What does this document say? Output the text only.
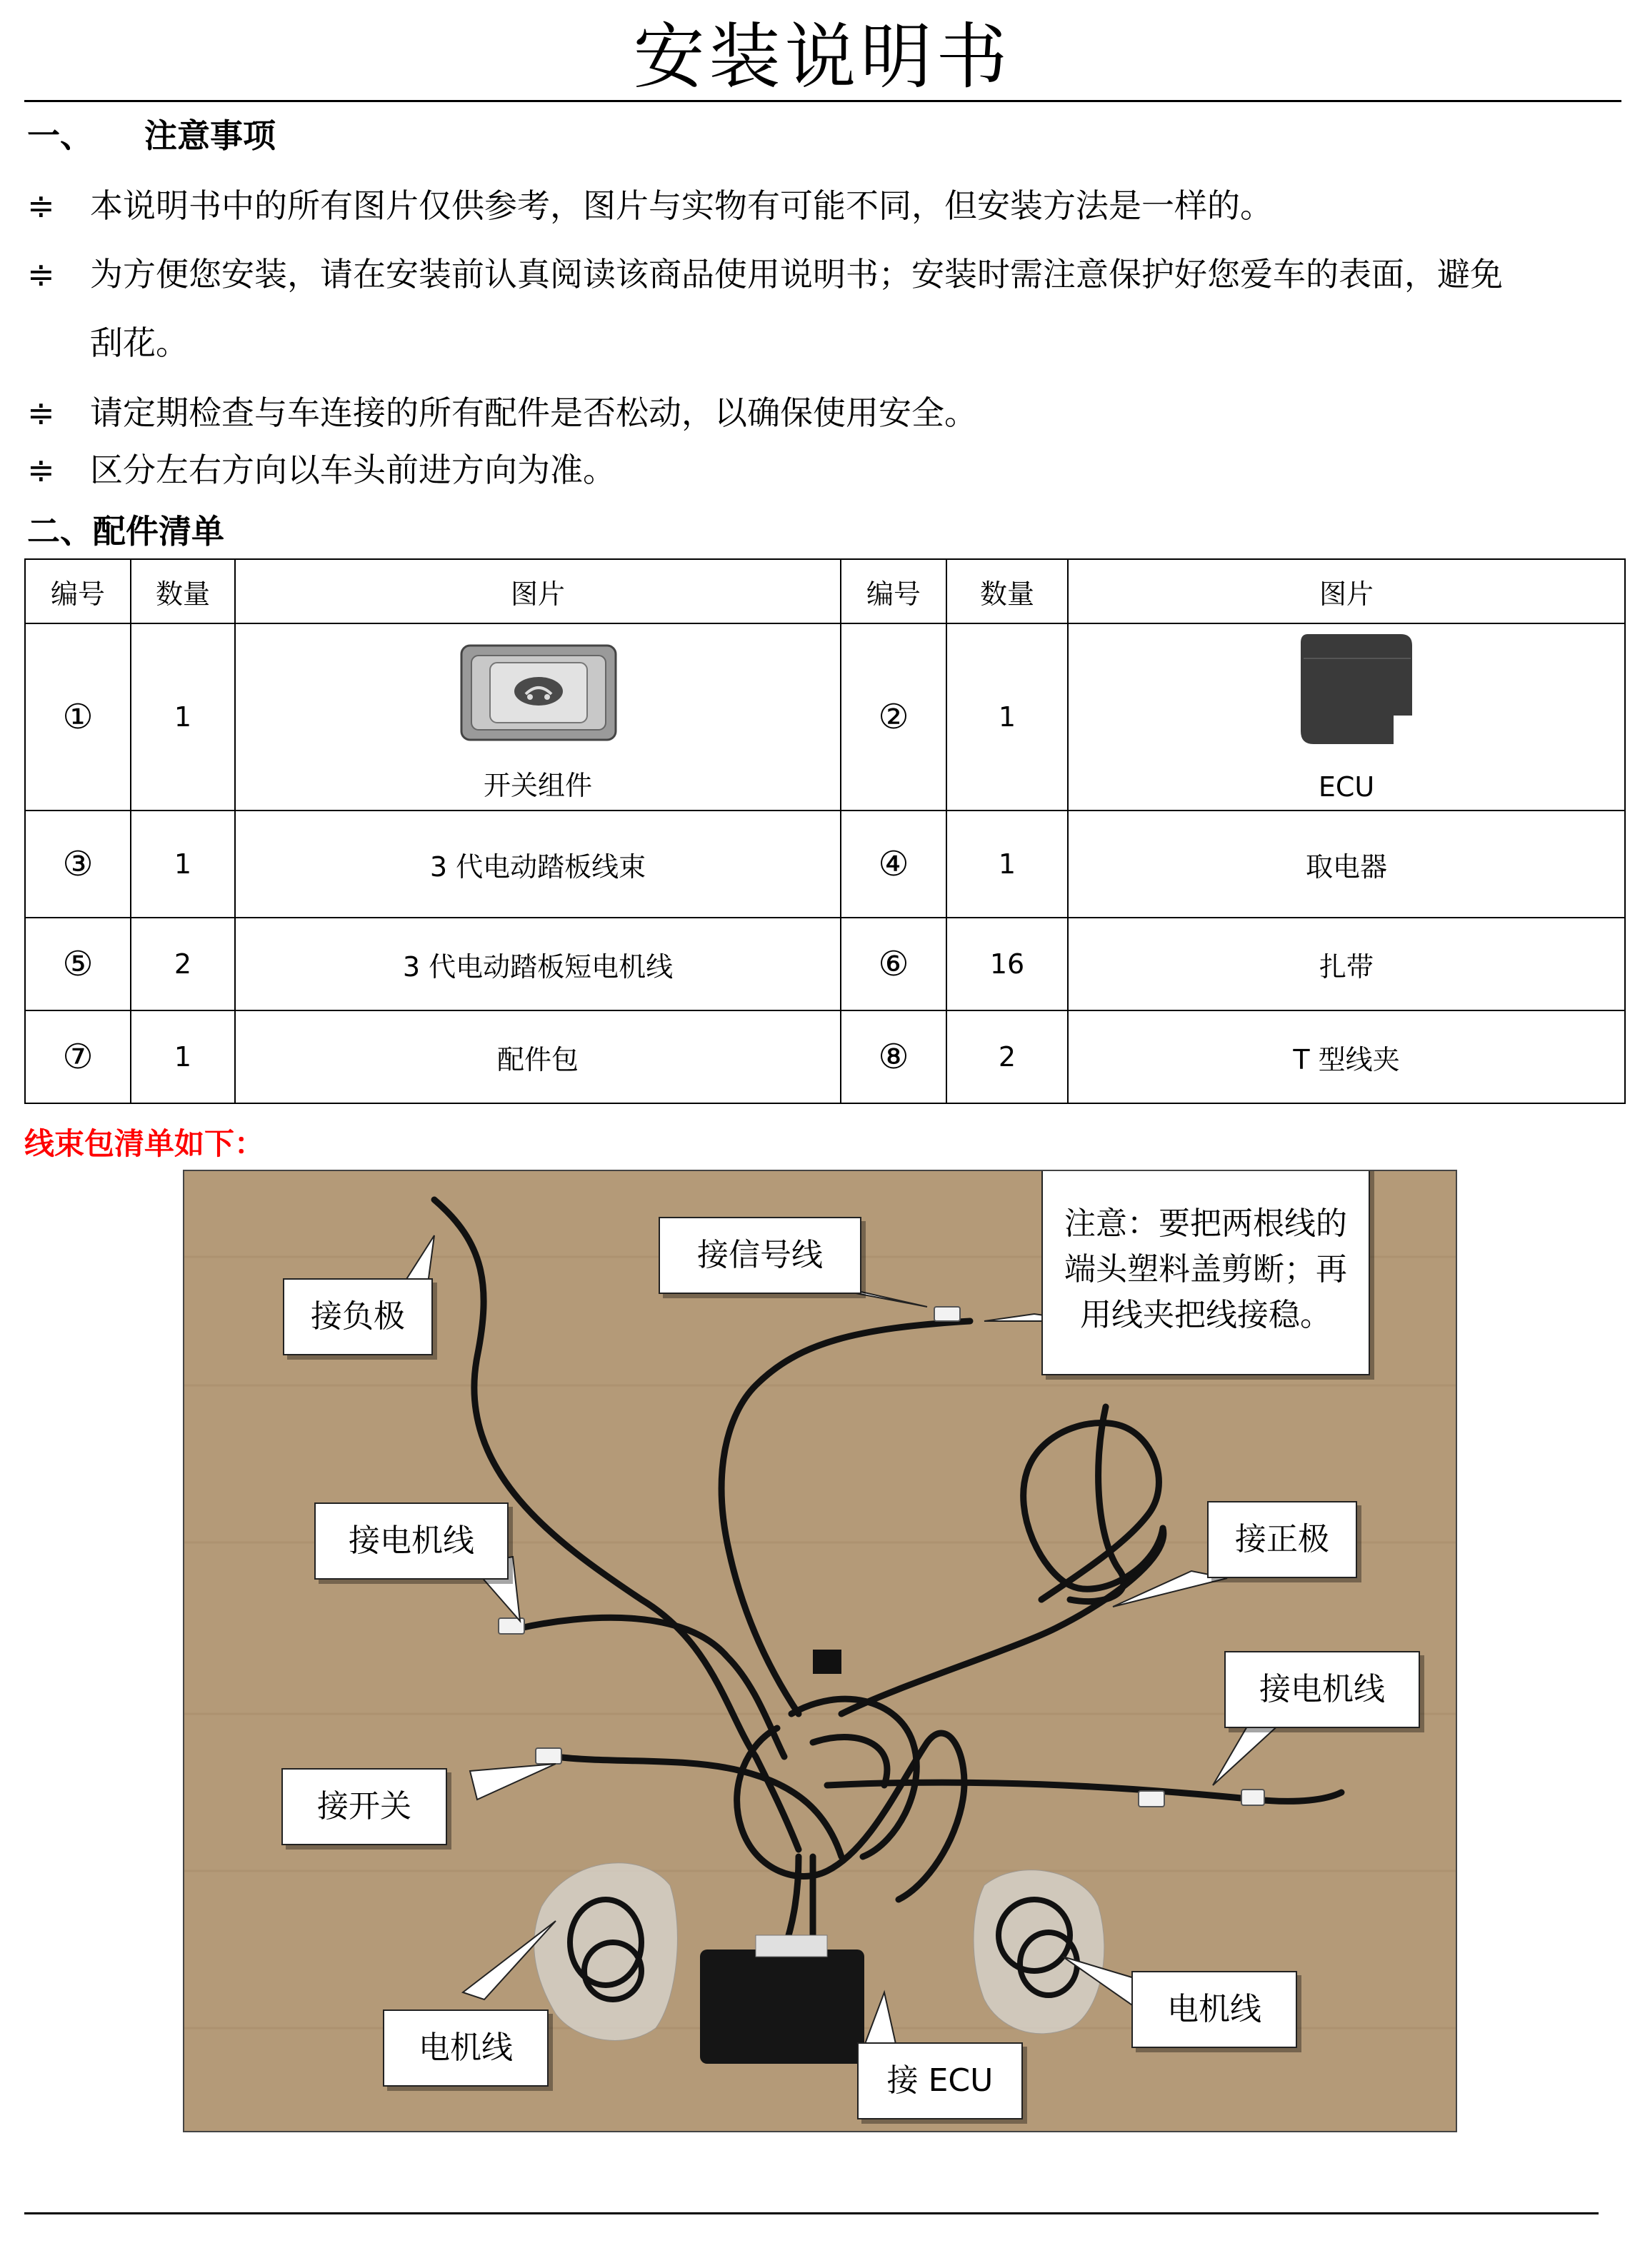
安装说明书
一、 注意事项
≑	本说明书中的所有图片仅供参考，图片与实物有可能不同，但安装方法是一样的。
≑	为方便您安装，请在安装前认真阅读该商品使用说明书；安装时需注意保护好您爱车的表面，避免
刮花。
≑	请定期检查与车连接的所有配件是否松动，以确保使用安全。
≑	区分左右方向以车头前进方向为准。
二、配件清单
编号	数量	图片	编号	数量	图片
①	1	开关组件	②	1	ECU

③	1	3 代电动踏板线束	④	1	取电器
⑤	2	3 代电动踏板短电机线	⑥	16	扎带
⑦	1	配件包	⑧	2	T 型线夹
线束包清单如下：
接负极
接信号线
注意：要把两根线的
端头塑料盖剪断；再
用线夹把线接稳。
接电机线	接正极
接电机线
接开关
电机线
电机线
接 ECU
